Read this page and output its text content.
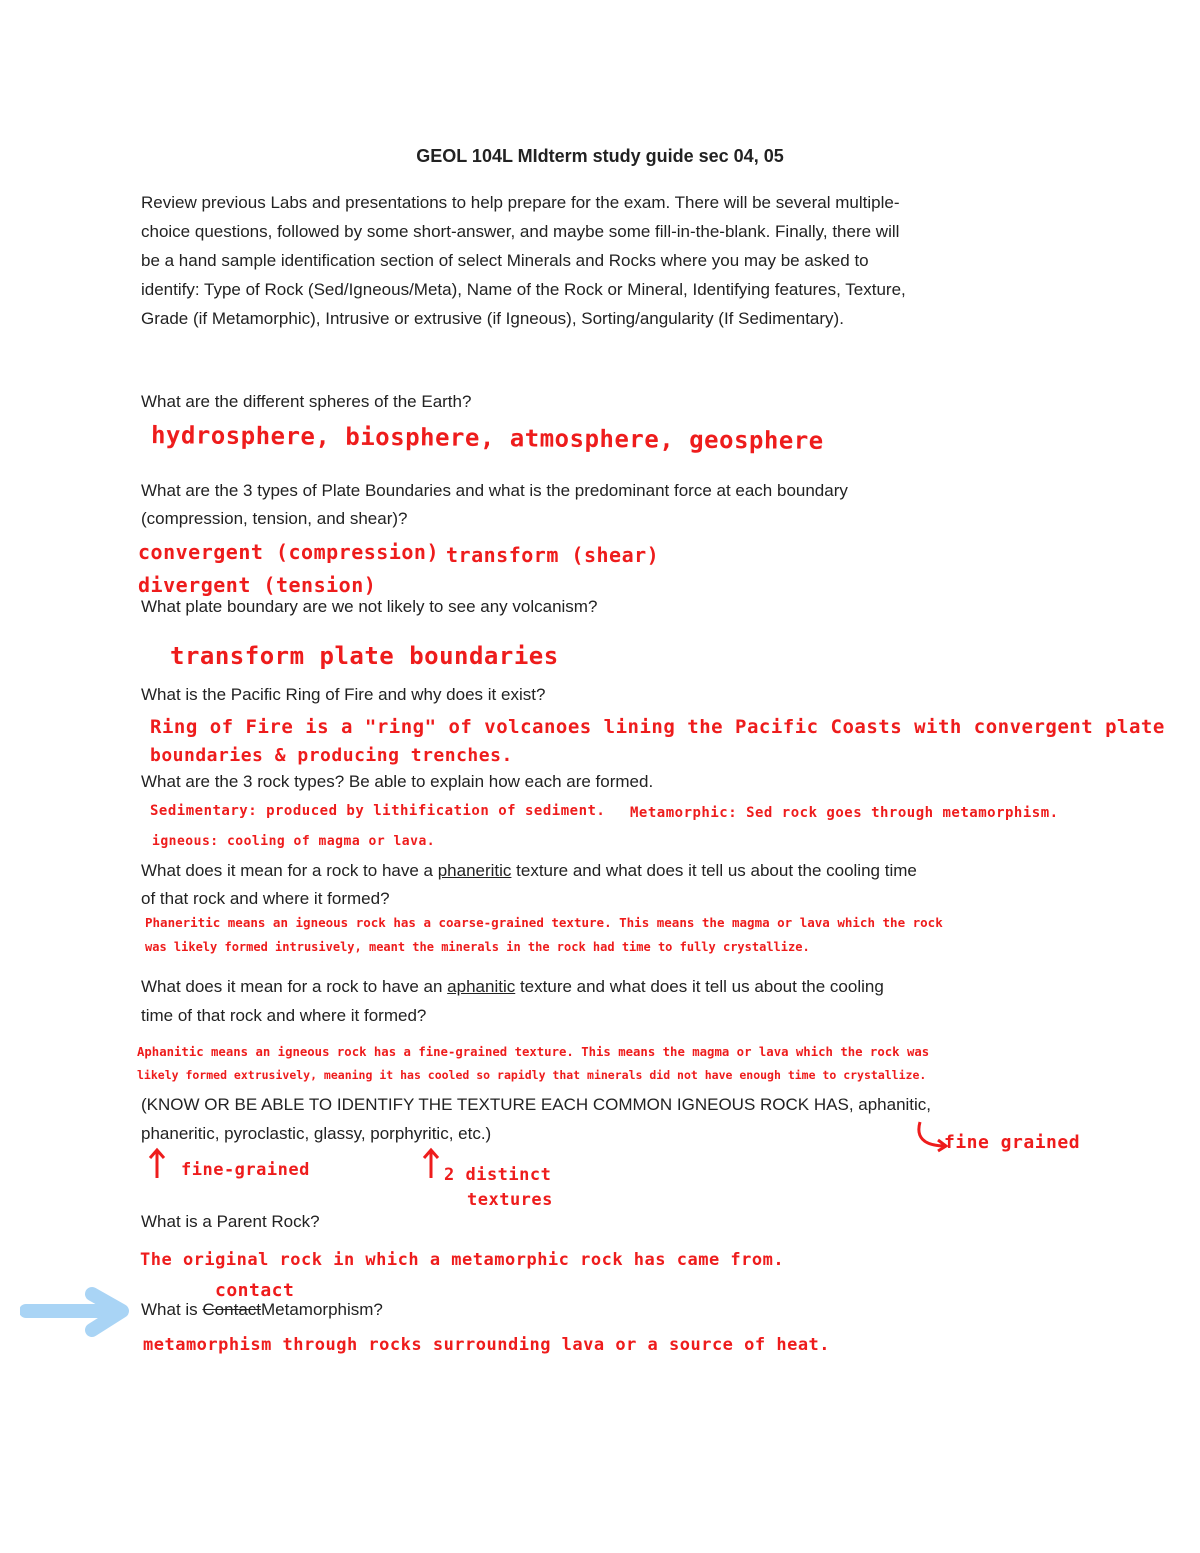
GEOL 104L MIdterm study guide sec 04, 05
Review previous Labs and presentations to help prepare for the exam. There will be several multiple-
choice questions, followed by some short-answer, and maybe some fill-in-the-blank. Finally, there will
be a hand sample identification section of select Minerals and Rocks where you may be asked to
identify: Type of Rock (Sed/Igneous/Meta), Name of the Rock or Mineral, Identifying features, Texture,
Grade (if Metamorphic), Intrusive or extrusive (if Igneous), Sorting/angularity (If Sedimentary).
What are the different spheres of the Earth?
hydrosphere, biosphere, atmosphere, geosphere
What are the 3 types of Plate Boundaries and what is the predominant force at each boundary
(compression, tension, and shear)?
convergent (compression) transform (shear)
divergent (tension)
What plate boundary are we not likely to see any volcanism?
transform plate boundaries
What is the Pacific Ring of Fire and why does it exist?
Ring of Fire is a "ring" of volcanoes lining the Pacific Coasts with convergent plate
boundaries & producing trenches.
What are the 3 rock types? Be able to explain how each are formed.
Sedimentary: produced by lithification of sediment. Metamorphic: Sed rock goes through metamorphism.
igneous: cooling of magma or lava.
What does it mean for a rock to have a phaneritic texture and what does it tell us about the cooling time
of that rock and where it formed?
Phaneritic means an igneous rock has a coarse-grained texture. This means the magma or lava which the rock
was likely formed intrusively, meant the minerals in the rock had time to fully crystallize.
What does it mean for a rock to have an aphanitic texture and what does it tell us about the cooling
time of that rock and where it formed?
Aphanitic means an igneous rock has a fine-grained texture. This means the magma or lava which the rock was
likely formed extrusively, meaning it has cooled so rapidly that minerals did not have enough time to crystallize.
(KNOW OR BE ABLE TO IDENTIFY THE TEXTURE EACH COMMON IGNEOUS ROCK HAS, aphanitic,
phaneritic, pyroclastic, glassy, porphyritic, etc.)	fine grained
fine-grained	2 distinct
textures
What is a Parent Rock?
The original rock in which a metamorphic rock has came from.
contact
What is ContactMetamorphism?
metamorphism through rocks surrounding lava or a source of heat.
